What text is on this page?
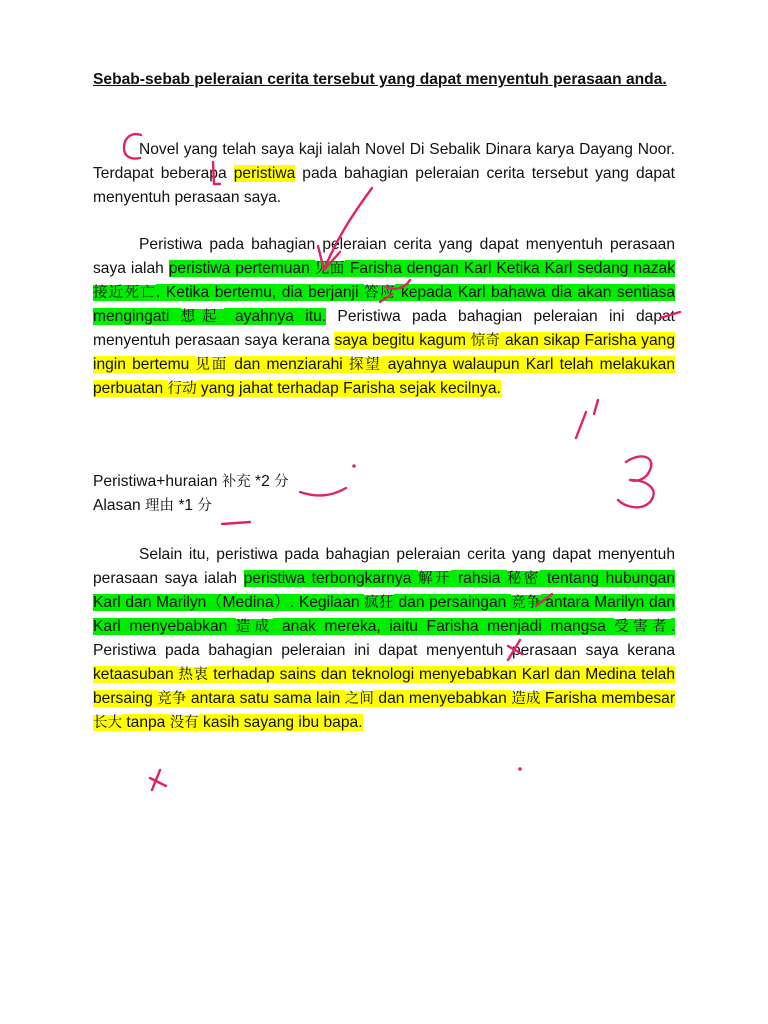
Sebab-sebab peleraian cerita tersebut yang dapat menyentuh perasaan anda.
Novel yang telah saya kaji ialah Novel Di Sebalik Dinara karya Dayang Noor. Terdapat beberapa peristiwa pada bahagian peleraian cerita tersebut yang dapat menyentuh perasaan saya.
Peristiwa pada bahagian peleraian cerita yang dapat menyentuh perasaan saya ialah peristiwa pertemuan 见面 Farisha dengan Karl Ketika Karl sedang nazak 接近死亡. Ketika bertemu, dia berjanji 答应 kepada Karl bahawa dia akan sentiasa mengingati 想起 ayahnya itu. Peristiwa pada bahagian peleraian ini dapat menyentuh perasaan saya kerana saya begitu kagum 惊奇 akan sikap Farisha yang ingin bertemu 见面 dan menziarahi 探望 ayahnya walaupun Karl telah melakukan perbuatan 行动 yang jahat terhadap Farisha sejak kecilnya.
Peristiwa+huraian 补充 *2 分
Alasan 理由 *1 分
Selain itu, peristiwa pada bahagian peleraian cerita yang dapat menyentuh perasaan saya ialah peristiwa terbongkarnya 解开 rahsia 秘密 tentang hubungan Karl dan Marilyn（Medina）. Kegilaan 疯狂 dan persaingan 竞争 antara Marilyn dan Karl menyebabkan 造成 anak mereka, iaitu Farisha menjadi mangsa 受害者. Peristiwa pada bahagian peleraian ini dapat menyentuh perasaan saya kerana ketaasuban 热衷 terhadap sains dan teknologi menyebabkan Karl dan Medina telah bersaing 竞争 antara satu sama lain 之间 dan menyebabkan 造成 Farisha membesar 长大 tanpa 没有 kasih sayang ibu bapa.
